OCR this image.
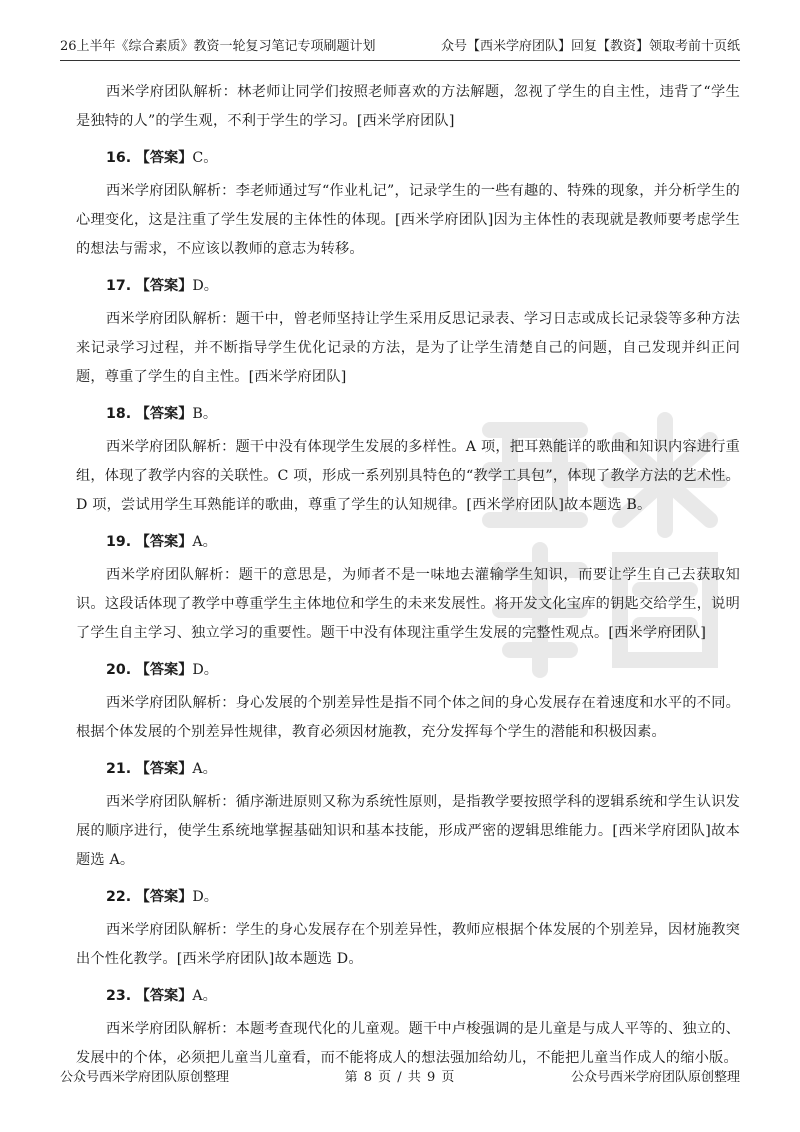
26上半年《综合素质》教资一轮复习笔记专项刷题计划	众号【西米学府团队】回复【教资】领取考前十页纸

西米学府团队解析：林老师让同学们按照老师喜欢的方法解题，忽视了学生的自主性，违背了“学生是独特的人”的学生观，不利于学生的学习。[西米学府团队]

16. 【答案】C。

西米学府团队解析：李老师通过写“作业札记”，记录学生的一些有趣的、特殊的现象，并分析学生的心理变化，这是注重了学生发展的主体性的体现。[西米学府团队]因为主体性的表现就是教师要考虑学生的想法与需求，不应该以教师的意志为转移。

17. 【答案】D。

西米学府团队解析：题干中，曾老师坚持让学生采用反思记录表、学习日志或成长记录袋等多种方法来记录学习过程，并不断指导学生优化记录的方法，是为了让学生清楚自己的问题，自己发现并纠正问题，尊重了学生的自主性。[西米学府团队]

18. 【答案】B。

西米学府团队解析：题干中没有体现学生发展的多样性。A 项，把耳熟能详的歌曲和知识内容进行重组，体现了教学内容的关联性。C 项，形成一系列别具特色的“教学工具包”，体现了教学方法的艺术性。D 项，尝试用学生耳熟能详的歌曲，尊重了学生的认知规律。[西米学府团队]故本题选 B。

19. 【答案】A。

西米学府团队解析：题干的意思是，为师者不是一味地去灌输学生知识，而要让学生自己去获取知识。这段话体现了教学中尊重学生主体地位和学生的未来发展性。将开发文化宝库的钥匙交给学生，说明了学生自主学习、独立学习的重要性。题干中没有体现注重学生发展的完整性观点。[西米学府团队]

20. 【答案】D。

西米学府团队解析：身心发展的个别差异性是指不同个体之间的身心发展存在着速度和水平的不同。根据个体发展的个别差异性规律，教育必须因材施教，充分发挥每个学生的潜能和积极因素。

21. 【答案】A。

西米学府团队解析：循序渐进原则又称为系统性原则，是指教学要按照学科的逻辑系统和学生认识发展的顺序进行，使学生系统地掌握基础知识和基本技能，形成严密的逻辑思维能力。[西米学府团队]故本题选 A。

22. 【答案】D。

西米学府团队解析：学生的身心发展存在个别差异性，教师应根据个体发展的个别差异，因材施教突出个性化教学。[西米学府团队]故本题选 D。

23. 【答案】A。

西米学府团队解析：本题考查现代化的儿童观。题干中卢梭强调的是儿童是与成人平等的、独立的、发展中的个体，必须把儿童当儿童看，而不能将成人的想法强加给幼儿，不能把儿童当作成人的缩小版。

公众号西米学府团队原创整理	第 8 页 / 共 9 页	公众号西米学府团队原创整理
